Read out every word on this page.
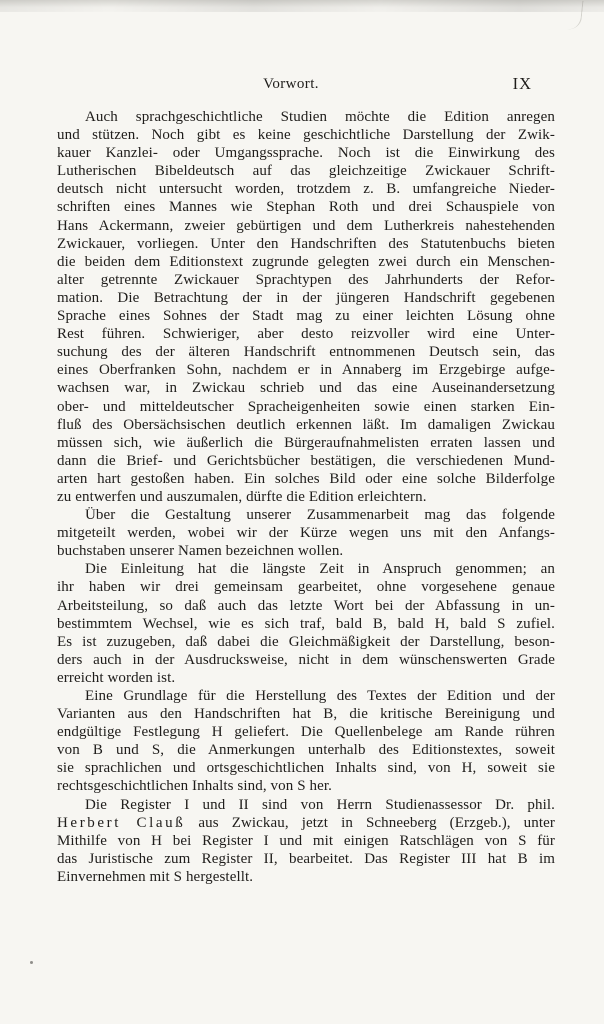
Vorwort.	IX
Auch sprachgeschichtliche Studien möchte die Edition anregen
und stützen. Noch gibt es keine geschichtliche Darstellung der Zwik-
kauer Kanzlei- oder Umgangssprache. Noch ist die Einwirkung des
Lutherischen Bibeldeutsch auf das gleichzeitige Zwickauer Schrift-
deutsch nicht untersucht worden, trotzdem z. B. umfangreiche Nieder-
schriften eines Mannes wie Stephan Roth und drei Schauspiele von
Hans Ackermann, zweier gebürtigen und dem Lutherkreis nahestehenden
Zwickauer, vorliegen. Unter den Handschriften des Statutenbuchs bieten
die beiden dem Editionstext zugrunde gelegten zwei durch ein Menschen-
alter getrennte Zwickauer Sprachtypen des Jahrhunderts der Refor-
mation. Die Betrachtung der in der jüngeren Handschrift gegebenen
Sprache eines Sohnes der Stadt mag zu einer leichten Lösung ohne
Rest führen. Schwieriger, aber desto reizvoller wird eine Unter-
suchung des der älteren Handschrift entnommenen Deutsch sein, das
eines Oberfranken Sohn, nachdem er in Annaberg im Erzgebirge aufge-
wachsen war, in Zwickau schrieb und das eine Auseinandersetzung
ober- und mitteldeutscher Spracheigenheiten sowie einen starken Ein-
fluß des Obersächsischen deutlich erkennen läßt. Im damaligen Zwickau
müssen sich, wie äußerlich die Bürgeraufnahmelisten erraten lassen und
dann die Brief- und Gerichtsbücher bestätigen, die verschiedenen Mund-
arten hart gestoßen haben. Ein solches Bild oder eine solche Bilderfolge
zu entwerfen und auszumalen, dürfte die Edition erleichtern.
Über die Gestaltung unserer Zusammenarbeit mag das folgende
mitgeteilt werden, wobei wir der Kürze wegen uns mit den Anfangs-
buchstaben unserer Namen bezeichnen wollen.
Die Einleitung hat die längste Zeit in Anspruch genommen; an
ihr haben wir drei gemeinsam gearbeitet, ohne vorgesehene genaue
Arbeitsteilung, so daß auch das letzte Wort bei der Abfassung in un-
bestimmtem Wechsel, wie es sich traf, bald B, bald H, bald S zufiel.
Es ist zuzugeben, daß dabei die Gleichmäßigkeit der Darstellung, beson-
ders auch in der Ausdrucksweise, nicht in dem wünschenswerten Grade
erreicht worden ist.
Eine Grundlage für die Herstellung des Textes der Edition und der
Varianten aus den Handschriften hat B, die kritische Bereinigung und
endgültige Festlegung H geliefert. Die Quellenbelege am Rande rühren
von B und S, die Anmerkungen unterhalb des Editionstextes, soweit
sie sprachlichen und ortsgeschichtlichen Inhalts sind, von H, soweit sie
rechtsgeschichtlichen Inhalts sind, von S her.
Die Register I und II sind von Herrn Studienassessor Dr. phil.
Herbert Clauß aus Zwickau, jetzt in Schneeberg (Erzgeb.), unter
Mithilfe von H bei Register I und mit einigen Ratschlägen von S für
das Juristische zum Register II, bearbeitet. Das Register III hat B im
Einvernehmen mit S hergestellt.
